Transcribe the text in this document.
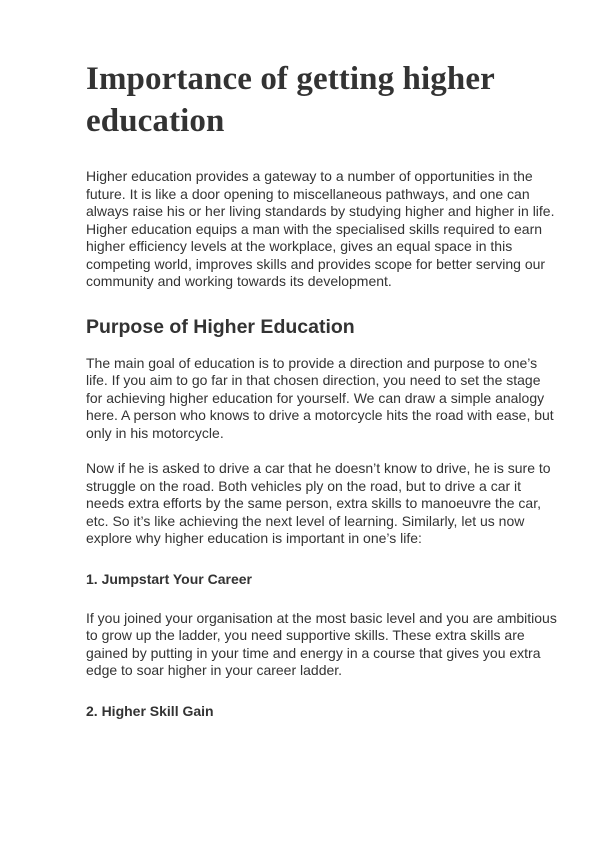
Importance of getting higher education

Higher education provides a gateway to a number of opportunities in the future. It is like a door opening to miscellaneous pathways, and one can always raise his or her living standards by studying higher and higher in life. Higher education equips a man with the specialised skills required to earn higher efficiency levels at the workplace, gives an equal space in this competing world, improves skills and provides scope for better serving our community and working towards its development.

Purpose of Higher Education

The main goal of education is to provide a direction and purpose to one’s life. If you aim to go far in that chosen direction, you need to set the stage for achieving higher education for yourself. We can draw a simple analogy here. A person who knows to drive a motorcycle hits the road with ease, but only in his motorcycle.

Now if he is asked to drive a car that he doesn’t know to drive, he is sure to struggle on the road. Both vehicles ply on the road, but to drive a car it needs extra efforts by the same person, extra skills to manoeuvre the car, etc. So it’s like achieving the next level of learning. Similarly, let us now explore why higher education is important in one’s life:

1. Jumpstart Your Career

If you joined your organisation at the most basic level and you are ambitious to grow up the ladder, you need supportive skills. These extra skills are gained by putting in your time and energy in a course that gives you extra edge to soar higher in your career ladder.

2. Higher Skill Gain
